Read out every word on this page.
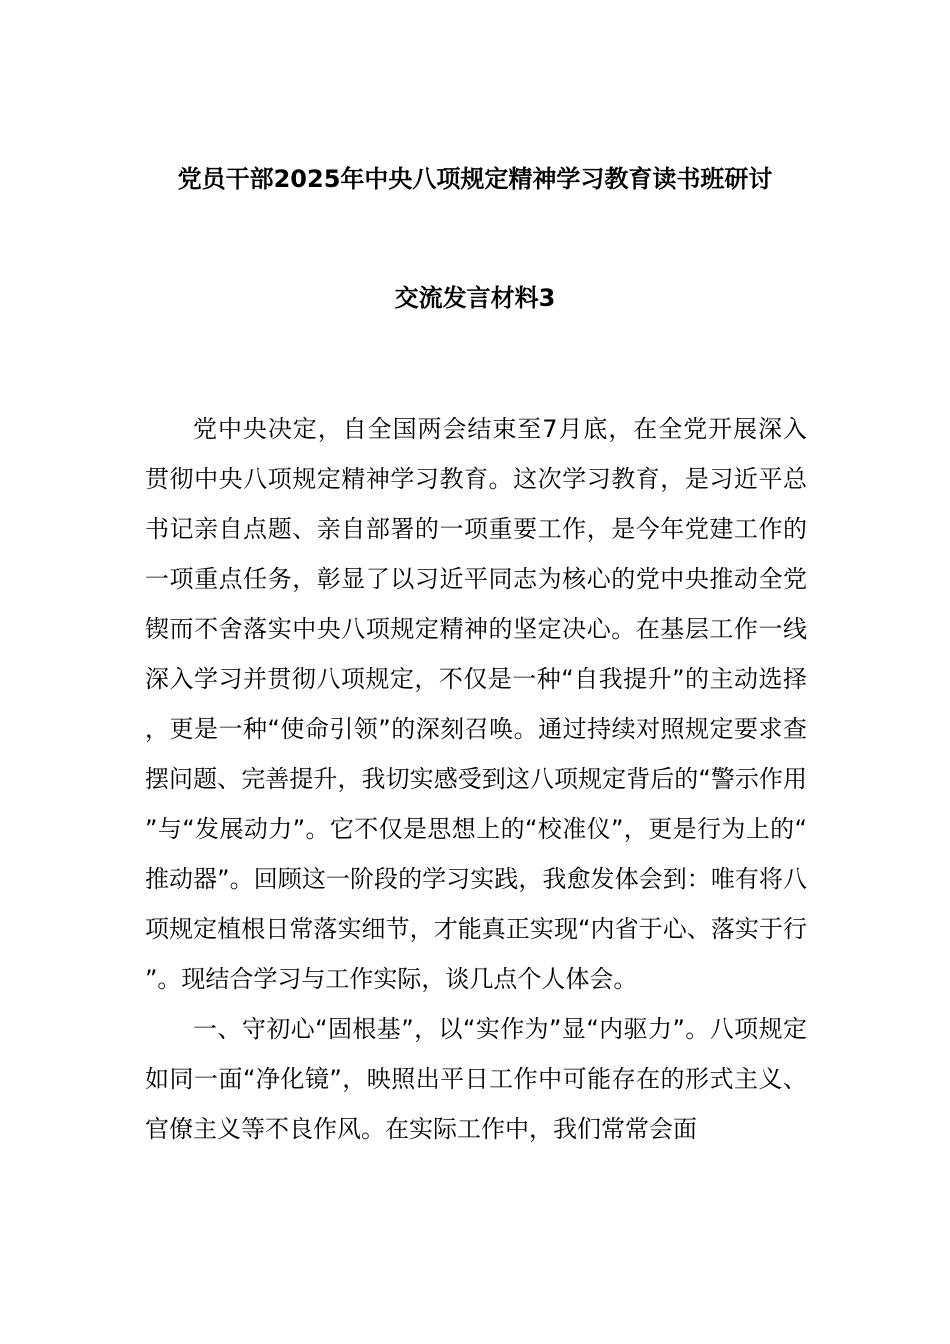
党员干部2025年中央八项规定精神学习教育读书班研讨
交流发言材料3

党中央决定，自全国两会结束至7月底，在全党开展深入贯彻中央八项规定精神学习教育。这次学习教育，是习近平总书记亲自点题、亲自部署的一项重要工作，是今年党建工作的一项重点任务，彰显了以习近平同志为核心的党中央推动全党锲而不舍落实中央八项规定精神的坚定决心。在基层工作一线深入学习并贯彻八项规定，不仅是一种“自我提升”的主动选择，更是一种“使命引领”的深刻召唤。通过持续对照规定要求查摆问题、完善提升，我切实感受到这八项规定背后的“警示作用”与“发展动力”。它不仅是思想上的“校准仪”，更是行为上的“推动器”。回顾这一阶段的学习实践，我愈发体会到：唯有将八项规定植根日常落实细节，才能真正实现“内省于心、落实于行”。现结合学习与工作实际，谈几点个人体会。

一、守初心“固根基”，以“实作为”显“内驱力”。八项规定如同一面“净化镜”，映照出平日工作中可能存在的形式主义、官僚主义等不良作风。在实际工作中，我们常常会面
